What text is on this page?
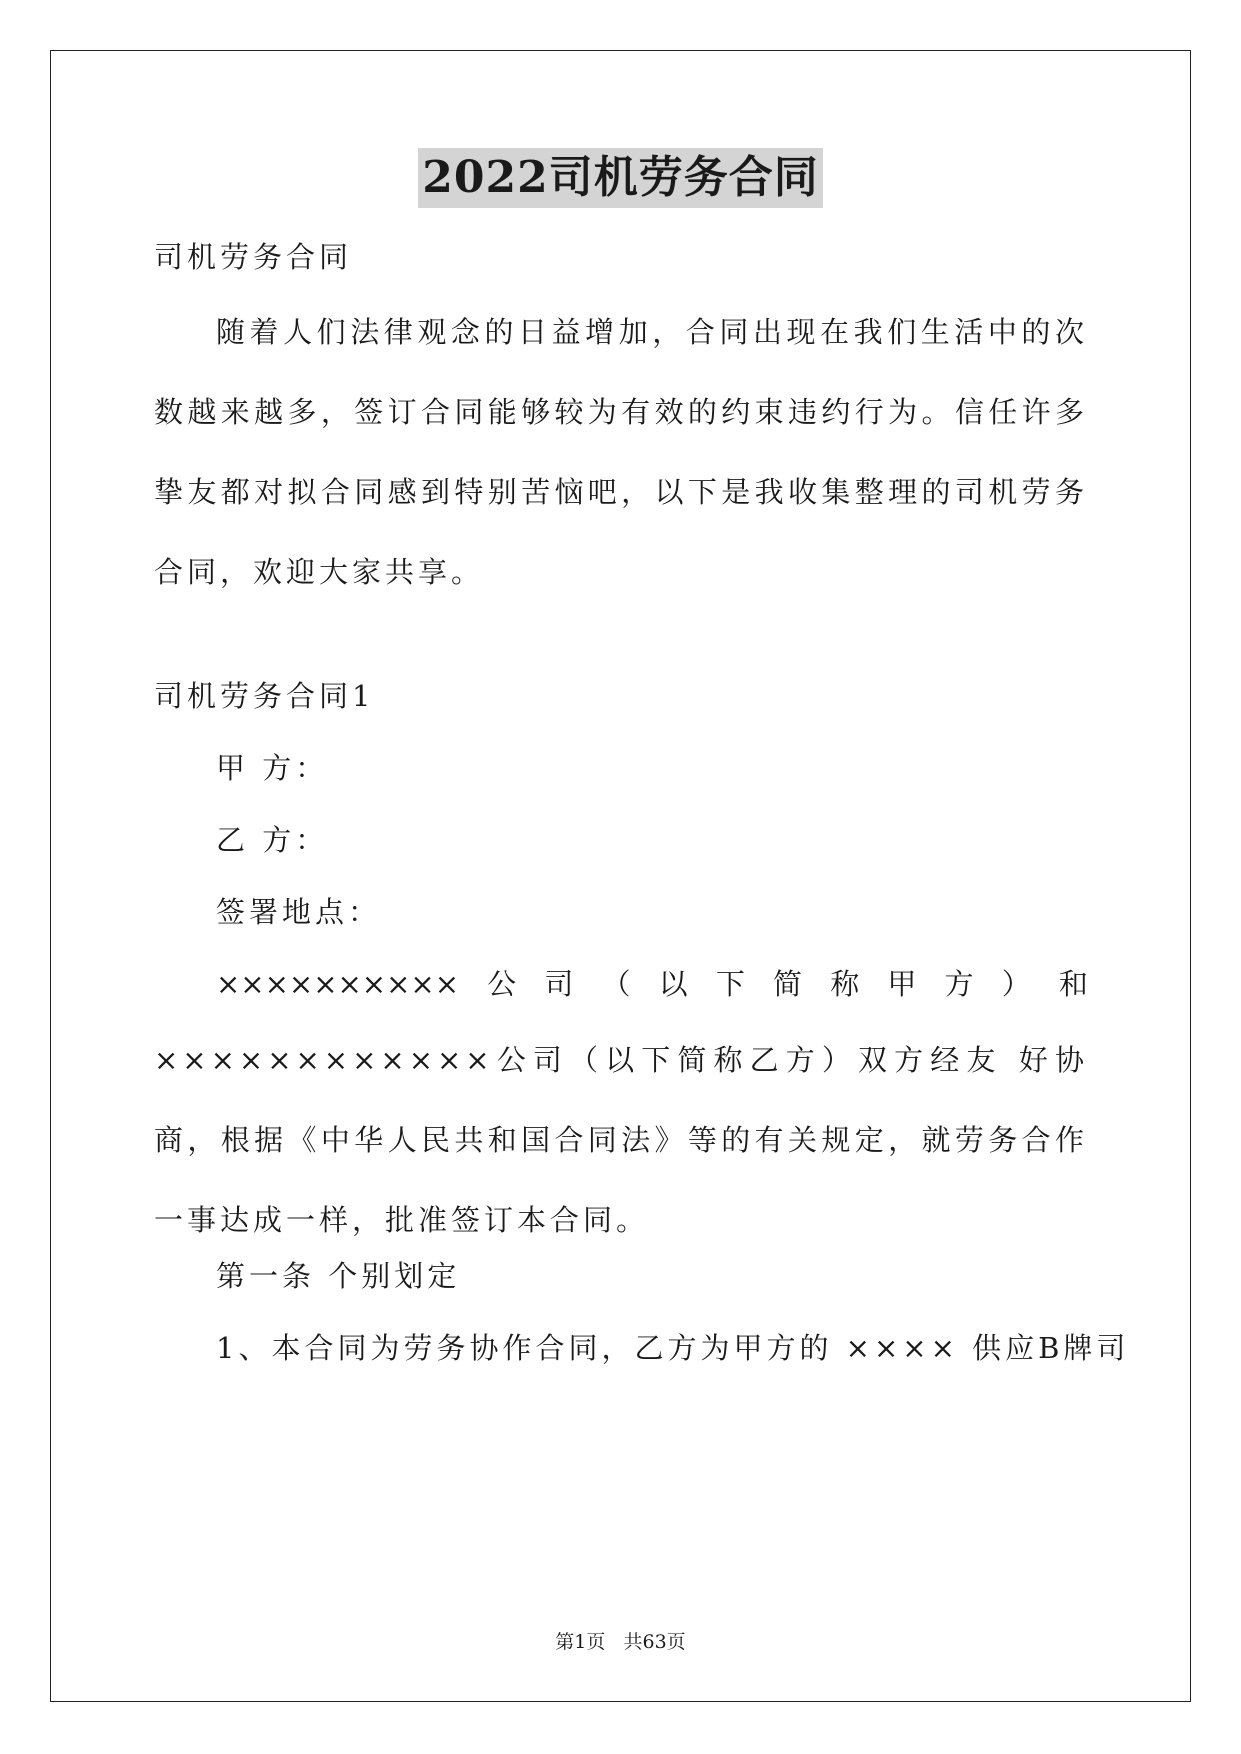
2022司机劳务合同
司机劳务合同
随着人们法律观念的日益增加，合同出现在我们生活中的次数越来越多，签订合同能够较为有效的约束违约行为。信任许多挚友都对拟合同感到特别苦恼吧，以下是我收集整理的司机劳务合同，欢迎大家共享。
司机劳务合同1
甲 方：
乙 方：
签署地点：
×××××××××× 公 司 （ 以 下 简 称 甲 方 ） 和
××××××××××××公司（以下简称乙方）双方经友 好协商，根据《中华人民共和国合同法》等的有关规定，就劳务合作一事达成一样，批准签订本合同。
第一条 个别划定
1、本合同为劳务协作合同，乙方为甲方的 ×××× 供应B牌司
第1页   共63页
